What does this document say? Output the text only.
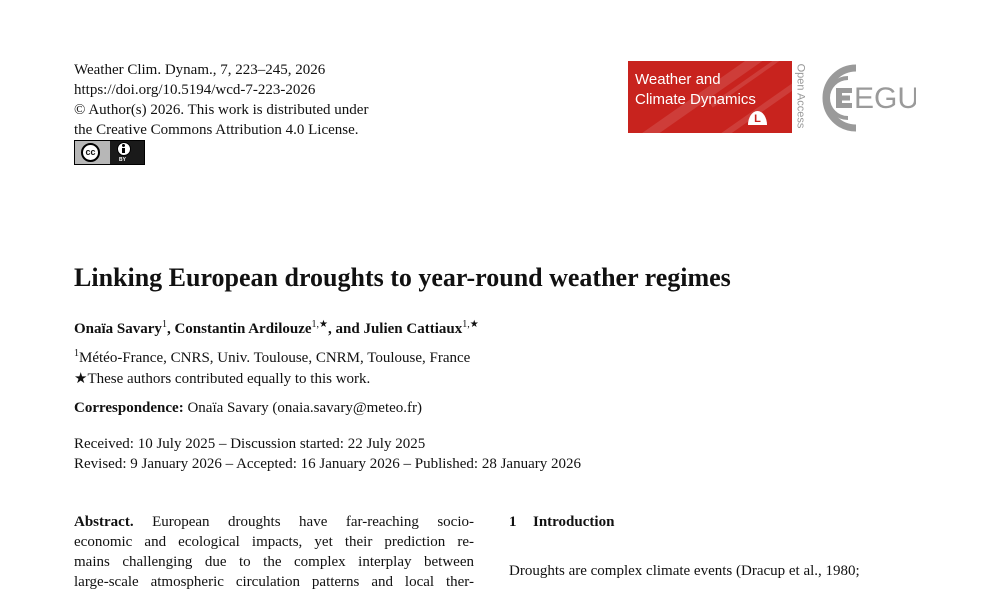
Weather Clim. Dynam., 7, 223–245, 2026
https://doi.org/10.5194/wcd-7-223-2026
© Author(s) 2026. This work is distributed under
the Creative Commons Attribution 4.0 License.
cc
BY
Weather and
Climate Dynamics
L	Open Access EGU
Linking European droughts to year-round weather regimes
Onaïa Savary$^1$, Constantin Ardilouze$^{1,★}$, and Julien Cattiaux$^{1,★}$
$^1$Météo-France, CNRS, Univ. Toulouse, CNRM, Toulouse, France
★These authors contributed equally to this work.
Correspondence: Onaïa Savary (onaia.savary@meteo.fr)
Received: 10 July 2025 – Discussion started: 22 July 2025
Revised: 9 January 2026 – Accepted: 16 January 2026 – Published: 28 January 2026
Abstract. European droughts have far-reaching socio-
economic and ecological impacts, yet their prediction re-
mains challenging due to the complex interplay between
large-scale atmospheric circulation patterns and local ther-
1 Introduction
Droughts are complex climate events (Dracup et al., 1980;
